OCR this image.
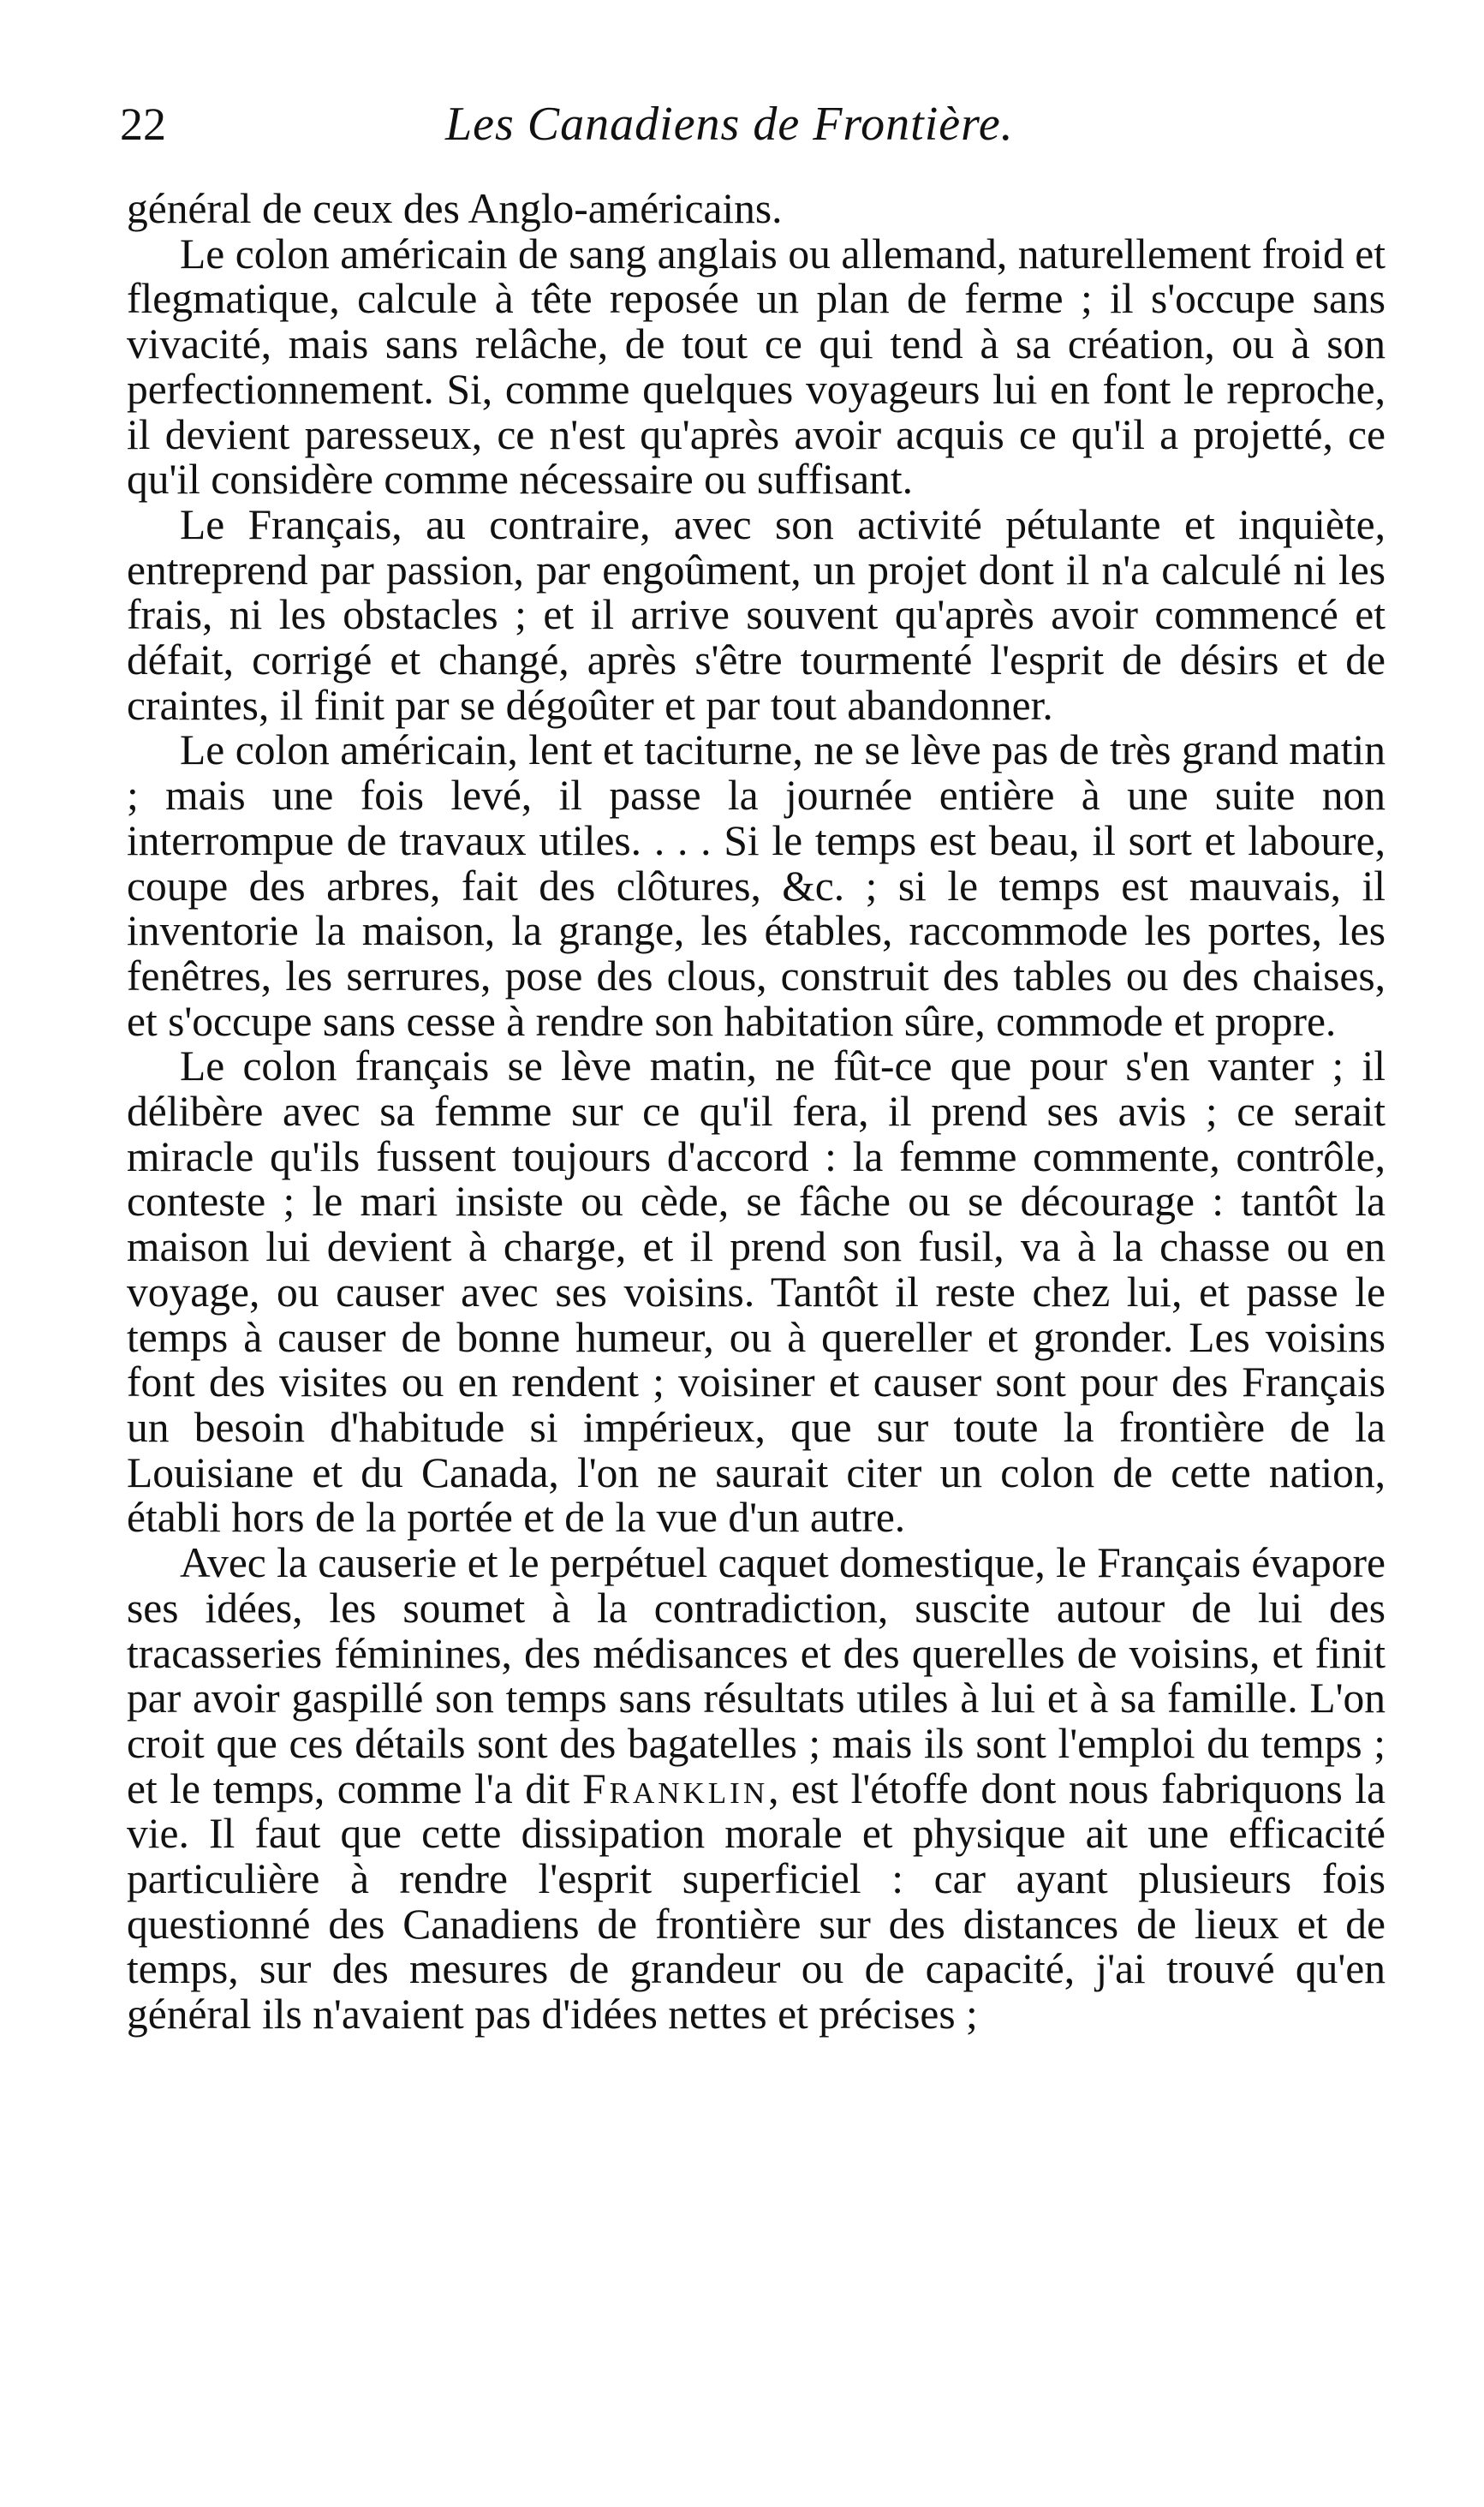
22	Les Canadiens de Frontière.

général de ceux des Anglo-américains.

Le colon américain de sang anglais ou allemand, naturellement froid et flegmatique, calcule à tête reposée un plan de ferme ; il s'occupe sans vivacité, mais sans relâche, de tout ce qui tend à sa création, ou à son perfectionnement. Si, comme quelques voyageurs lui en font le reproche, il devient paresseux, ce n'est qu'après avoir acquis ce qu'il a projetté, ce qu'il considère comme nécessaire ou suffisant.

Le Français, au contraire, avec son activité pétulante et inquiète, entreprend par passion, par engoûment, un projet dont il n'a calculé ni les frais, ni les obstacles ; et il arrive souvent qu'après avoir commencé et défait, corrigé et changé, après s'être tourmenté l'esprit de désirs et de craintes, il finit par se dégoûter et par tout abandonner.

Le colon américain, lent et taciturne, ne se lève pas de très grand matin ; mais une fois levé, il passe la journée entière à une suite non interrompue de travaux utiles. . . . Si le temps est beau, il sort et laboure, coupe des arbres, fait des clôtures, &c. ; si le temps est mauvais, il inventorie la maison, la grange, les étables, raccommode les portes, les fenêtres, les serrures, pose des clous, construit des tables ou des chaises, et s'occupe sans cesse à rendre son habitation sûre, commode et propre.

Le colon français se lève matin, ne fût-ce que pour s'en vanter ; il délibère avec sa femme sur ce qu'il fera, il prend ses avis ; ce serait miracle qu'ils fussent toujours d'accord : la femme commente, contrôle, conteste ; le mari insiste ou cède, se fâche ou se décourage : tantôt la maison lui devient à charge, et il prend son fusil, va à la chasse ou en voyage, ou causer avec ses voisins. Tantôt il reste chez lui, et passe le temps à causer de bonne humeur, ou à quereller et gronder. Les voisins font des visites ou en rendent ; voisiner et causer sont pour des Français un besoin d'habitude si impérieux, que sur toute la frontière de la Louisiane et du Canada, l'on ne saurait citer un colon de cette nation, établi hors de la portée et de la vue d'un autre.

Avec la causerie et le perpétuel caquet domestique, le Français évapore ses idées, les soumet à la contradiction, suscite autour de lui des tracasseries féminines, des médisances et des querelles de voisins, et finit par avoir gaspillé son temps sans résultats utiles à lui et à sa famille. L'on croit que ces détails sont des bagatelles ; mais ils sont l'emploi du temps ; et le temps, comme l'a dit Franklin, est l'étoffe dont nous fabriquons la vie. Il faut que cette dissipation morale et physique ait une efficacité particulière à rendre l'esprit superficiel : car ayant plusieurs fois questionné des Canadiens de frontière sur des distances de lieux et de temps, sur des mesures de grandeur ou de capacité, j'ai trouvé qu'en général ils n'avaient pas d'idées nettes et précises ;
